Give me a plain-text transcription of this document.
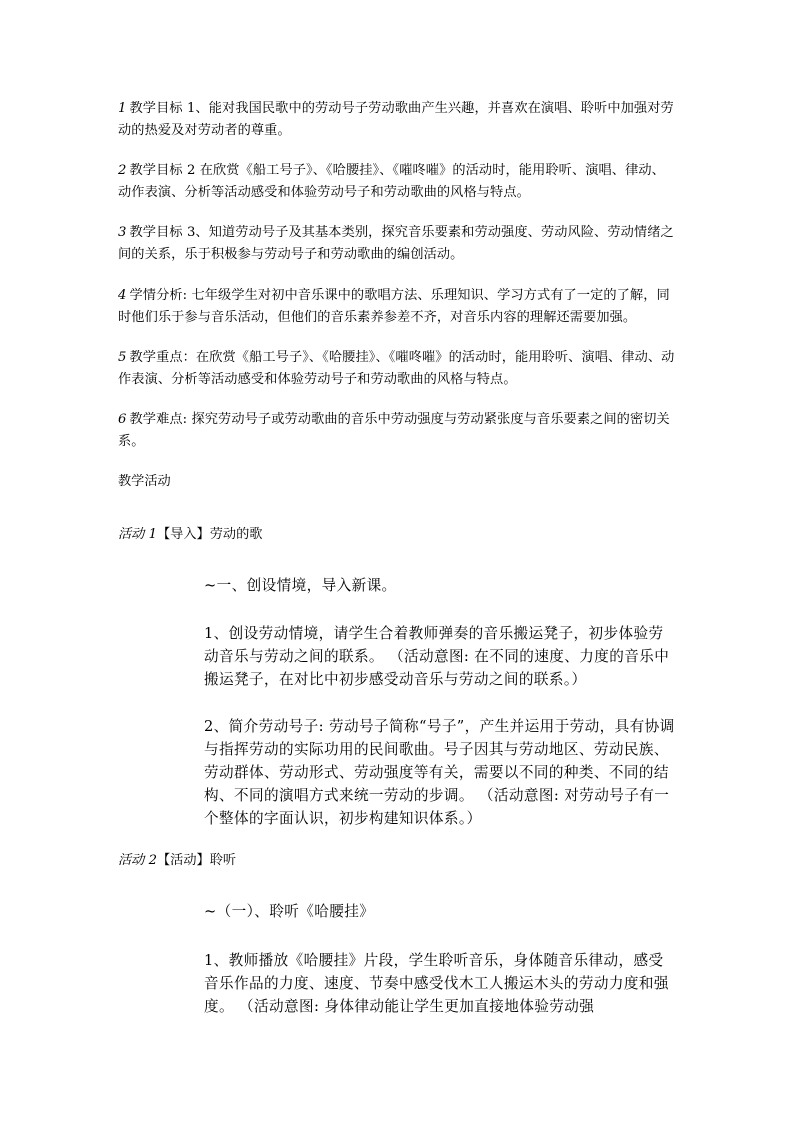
1 教学目标 1、能对我国民歌中的劳动号子劳动歌曲产生兴趣，并喜欢在演唱、聆听中加强对劳动的热爱及对劳动者的尊重。

2 教学目标 2 在欣赏《船工号子》、《哈腰挂》、《嗺咚嗺》的活动时，能用聆听、演唱、律动、动作表演、分析等活动感受和体验劳动号子和劳动歌曲的风格与特点。

3 教学目标 3、知道劳动号子及其基本类别，探究音乐要素和劳动强度、劳动风险、劳动情绪之间的关系，乐于积极参与劳动号子和劳动歌曲的编创活动。

4 学情分析: 七年级学生对初中音乐课中的歌唱方法、乐理知识、学习方式有了一定的了解，同时他们乐于参与音乐活动，但他们的音乐素养参差不齐，对音乐内容的理解还需要加强。

5 教学重点：在欣赏《船工号子》、《哈腰挂》、《嗺咚嗺》的活动时，能用聆听、演唱、律动、动作表演、分析等活动感受和体验劳动号子和劳动歌曲的风格与特点。

6 教学难点: 探究劳动号子或劳动歌曲的音乐中劳动强度与劳动紧张度与音乐要素之间的密切关系。

教学活动

活动 1【导入】劳动的歌

~一、创设情境，导入新课。

1、创设劳动情境，请学生合着教师弹奏的音乐搬运凳子，初步体验劳动音乐与劳动之间的联系。 （活动意图: 在不同的速度、力度的音乐中搬运凳子，在对比中初步感受动音乐与劳动之间的联系。）

2、简介劳动号子: 劳动号子简称“号子”，产生并运用于劳动，具有协调与指挥劳动的实际功用的民间歌曲。号子因其与劳动地区、劳动民族、劳动群体、劳动形式、劳动强度等有关，需要以不同的种类、不同的结构、不同的演唱方式来统一劳动的步调。 （活动意图: 对劳动号子有一个整体的字面认识，初步构建知识体系。）

活动 2【活动】聆听

~（一）、聆听《哈腰挂》

1、教师播放《哈腰挂》片段，学生聆听音乐，身体随音乐律动，感受音乐作品的力度、速度、节奏中感受伐木工人搬运木头的劳动力度和强度。 （活动意图: 身体律动能让学生更加直接地体验劳动强
